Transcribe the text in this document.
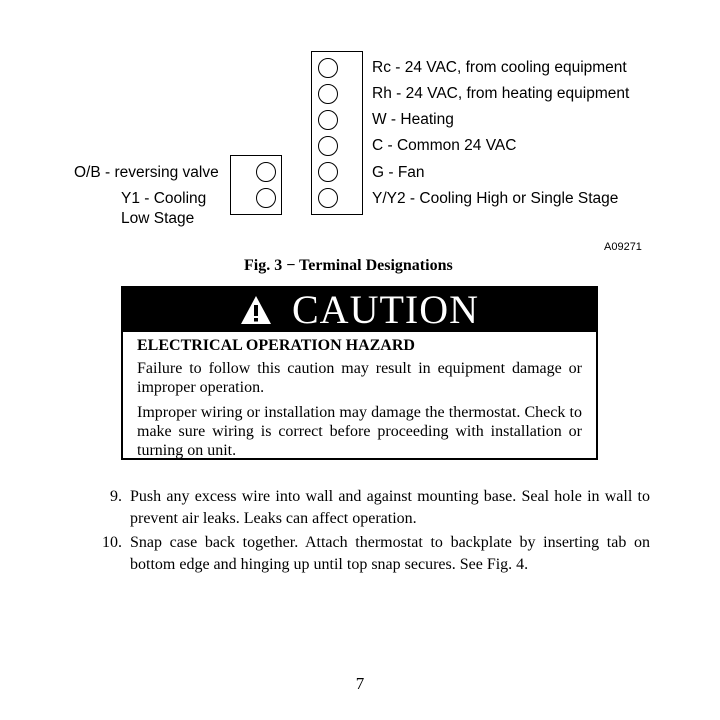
Rc - 24 VAC, from cooling equipment
Rh - 24 VAC, from heating equipment
W - Heating
C - Common 24 VAC
G - Fan
Y/Y2 - Cooling High or Single Stage
O/B - reversing valve
Y1 - Cooling
Low Stage
A09271
Fig. 3 − Terminal Designations
CAUTION
ELECTRICAL OPERATION HAZARD

Failure to follow this caution may result in equipment damage or improper operation.

Improper wiring or installation may damage the thermostat. Check to make sure wiring is correct before proceeding with installation or turning on unit.

9. Push any excess wire into wall and against mounting base. Seal hole in wall to prevent air leaks. Leaks can affect operation.
10. Snap case back together. Attach thermostat to backplate by inserting tab on bottom edge and hinging up until top snap secures. See Fig. 4.
7
